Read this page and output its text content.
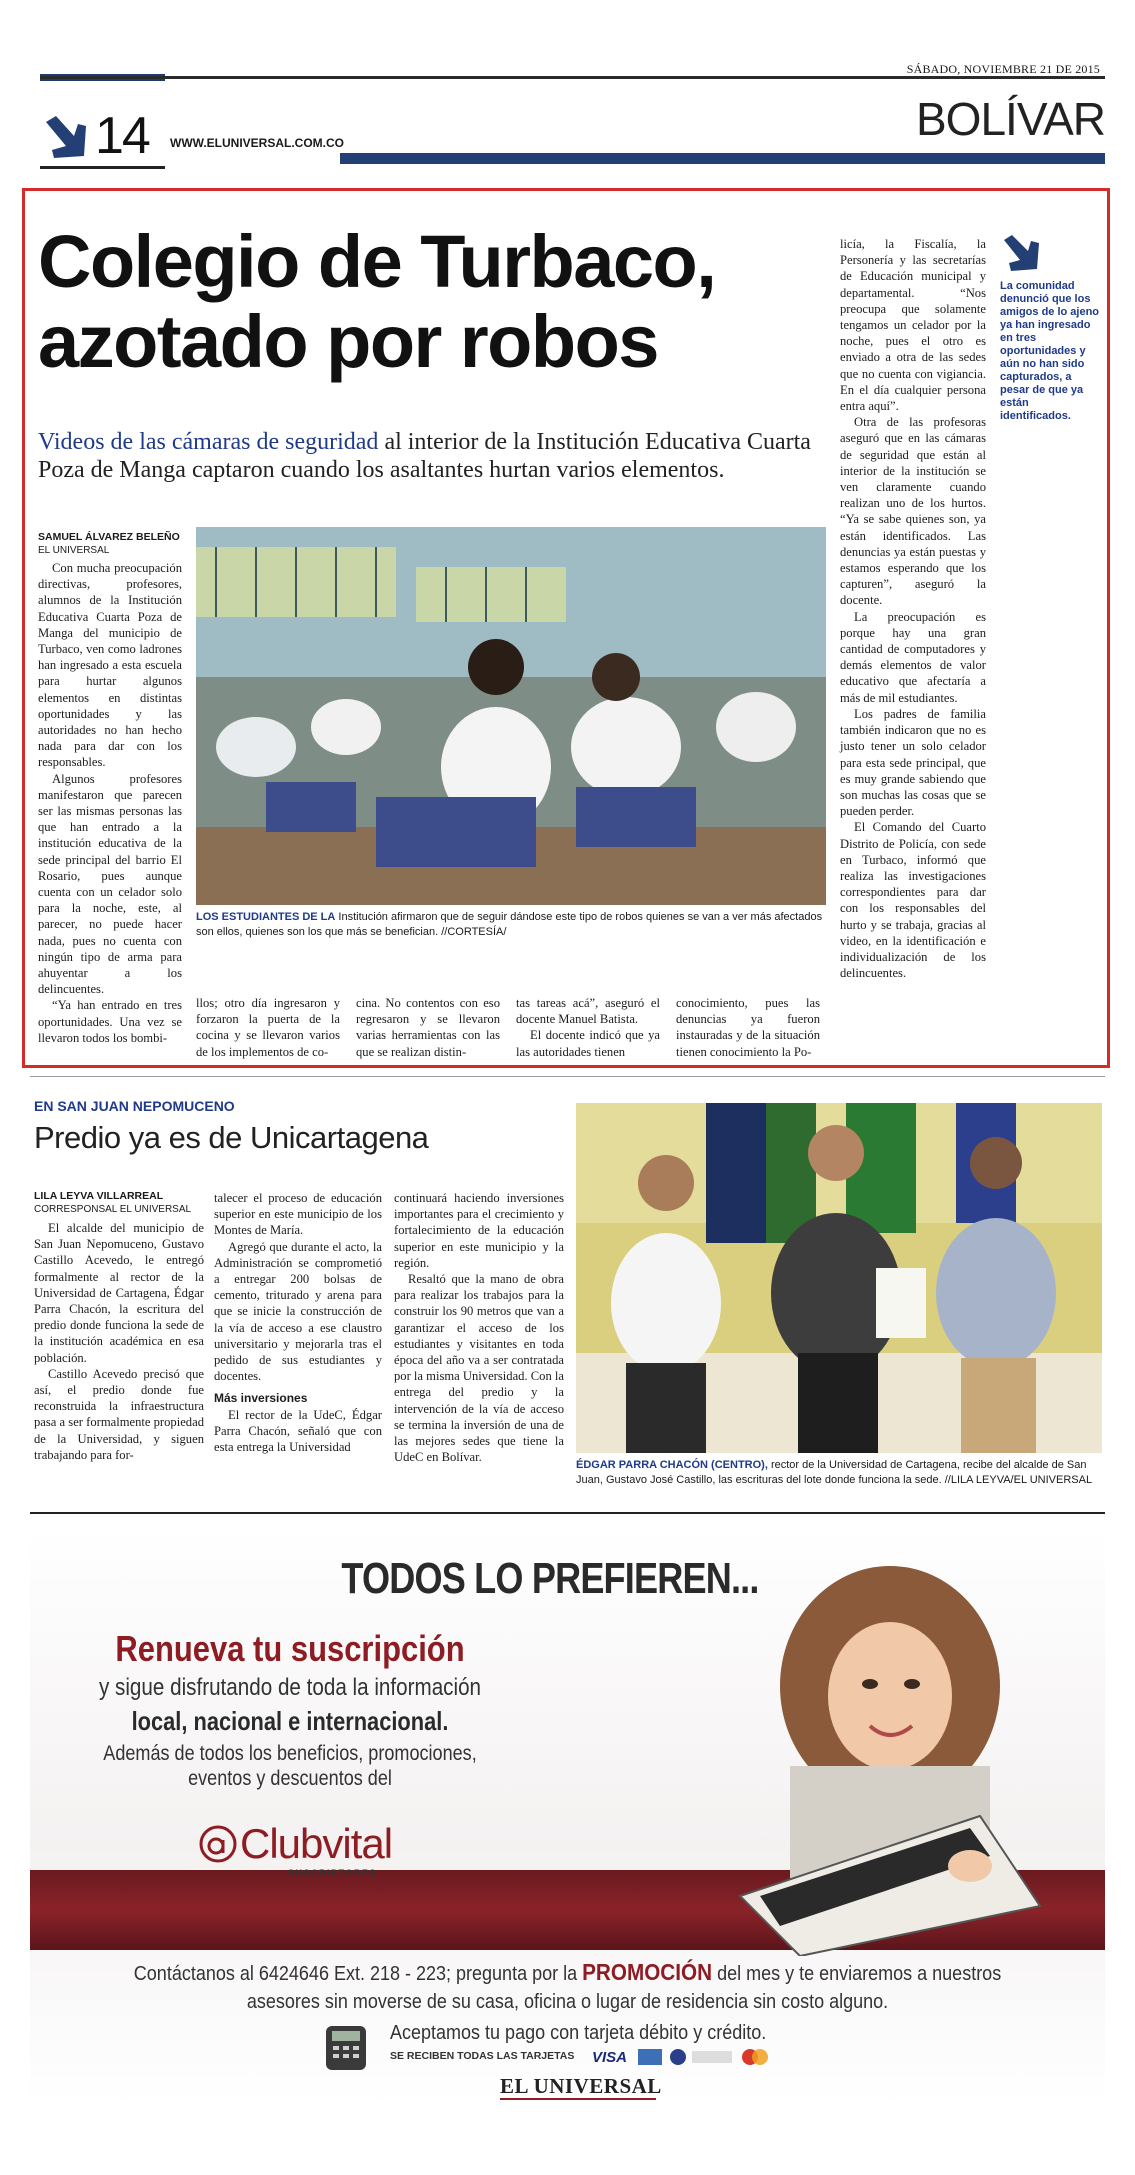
SÁBADO, NOVIEMBRE 21 DE 2015
BOLÍVAR
14 WWW.ELUNIVERSAL.COM.CO
Colegio de Turbaco, azotado por robos
Videos de las cámaras de seguridad al interior de la Institución Educativa Cuarta Poza de Manga captaron cuando los asaltantes hurtan varios elementos.
SAMUEL ÁLVAREZ BELEÑO
EL UNIVERSAL

Con mucha preocupación directivas, profesores, alumnos de la Institución Educativa Cuarta Poza de Manga del municipio de Turbaco, ven como ladrones han ingresado a esta escuela para hurtar algunos elementos en distintas oportunidades y las autoridades no han hecho nada para dar con los responsables.

Algunos profesores manifestaron que parecen ser las mismas personas las que han entrado a la institución educativa de la sede principal del barrio El Rosario, pues aunque cuenta con un celador solo para la noche, este, al parecer, no puede hacer nada, pues no cuenta con ningún tipo de arma para ahuyentar a los delincuentes.

“Ya han entrado en tres oportunidades. Una vez se llevaron todos los bombi-

LOS ESTUDIANTES DE LA Institución afirmaron que de seguir dándose este tipo de robos quienes se van a ver más afectados son ellos, quienes son los que más se benefician. //CORTESÍA/
llos; otro día ingresaron y forzaron la puerta de la cocina y se llevaron varios de los implementos de co-
cina. No contentos con eso regresaron y se llevaron varias herramientas con las que se realizan distin-

tas tareas acá”, aseguró el docente Manuel Batista.

El docente indicó que ya las autoridades tienen

conocimiento, pues las denuncias ya fueron instauradas y de la situación tienen conocimiento la Po-

licía, la Fiscalía, la Personería y las secretarías de Educación municipal y departamental. “Nos preocupa que solamente tengamos un celador por la noche, pues el otro es enviado a otra de las sedes que no cuenta con vigiancia. En el día cualquier persona entra aquí”.

Otra de las profesoras aseguró que en las cámaras de seguridad que están al interior de la institución se ven claramente cuando realizan uno de los hurtos. “Ya se sabe quienes son, ya están identificados. Las denuncias ya están puestas y estamos esperando que los capturen”, aseguró la docente.

La preocupación es porque hay una gran cantidad de computadores y demás elementos de valor educativo que afectaría a más de mil estudiantes.

Los padres de familia también indicaron que no es justo tener un solo celador para esta sede principal, que es muy grande sabiendo que son muchas las cosas que se pueden perder.

El Comando del Cuarto Distrito de Policía, con sede en Turbaco, informó que realiza las investigaciones correspondientes para dar con los responsables del hurto y se trabaja, gracias al video, en la identificación e individualización de los delincuentes.

La comunidad denunció que los amigos de lo ajeno ya han ingresado en tres oportunidades y aún no han sido capturados, a pesar de que ya están identificados.
EN SAN JUAN NEPOMUCENO
Predio ya es de Unicartagena
LILA LEYVA VILLARREAL
CORRESPONSAL EL UNIVERSAL

El alcalde del municipio de San Juan Nepomuceno, Gustavo Castillo Acevedo, le entregó formalmente al rector de la Universidad de Cartagena, Édgar Parra Chacón, la escritura del predio donde funciona la sede de la institución académica en esa población.

Castillo Acevedo precisó que así, el predio donde fue reconstruida la infraestructura pasa a ser formalmente propiedad de la Universidad, y siguen trabajando para for-

talecer el proceso de educación superior en este municipio de los Montes de María.

Agregó que durante el acto, la Administración se comprometió a entregar 200 bolsas de cemento, triturado y arena para que se inicie la construcción de la vía de acceso a ese claustro universitario y mejorarla tras el pedido de sus estudiantes y docentes.

Más inversiones

El rector de la UdeC, Édgar Parra Chacón, señaló que con esta entrega la Universidad

continuará haciendo inversiones importantes para el crecimiento y fortalecimiento de la educación superior en este municipio y la región.

Resaltó que la mano de obra para realizar los trabajos para la construir los 90 metros que van a garantizar el acceso de los estudiantes y visitantes en toda época del año va a ser contratada por la misma Universidad. Con la entrega del predio y la intervención de la vía de acceso se termina la inversión de una de las mejores sedes que tiene la UdeC en Bolívar.

ÉDGAR PARRA CHACÓN (CENTRO), rector de la Universidad de Cartagena, recibe del alcalde de San Juan, Gustavo José Castillo, las escrituras del lote donde funciona la sede. //LILA LEYVA/EL UNIVERSAL
TODOS LO PREFIEREN...
Renueva tu suscripción
y sigue disfrutando de toda la información
local, nacional e internacional.
Además de todos los beneficios, promociones,
eventos y descuentos del
Clubvital
SUSCRIPTORES
Contáctanos al 6424646 Ext. 218 - 223; pregunta por la PROMOCIÓN del mes y te enviaremos a nuestros asesores sin moverse de su casa, oficina o lugar de residencia sin costo alguno.
Aceptamos tu pago con tarjeta débito y crédito.
SE RECIBEN TODAS LAS TARJETAS VISA
EL UNIVERSAL
